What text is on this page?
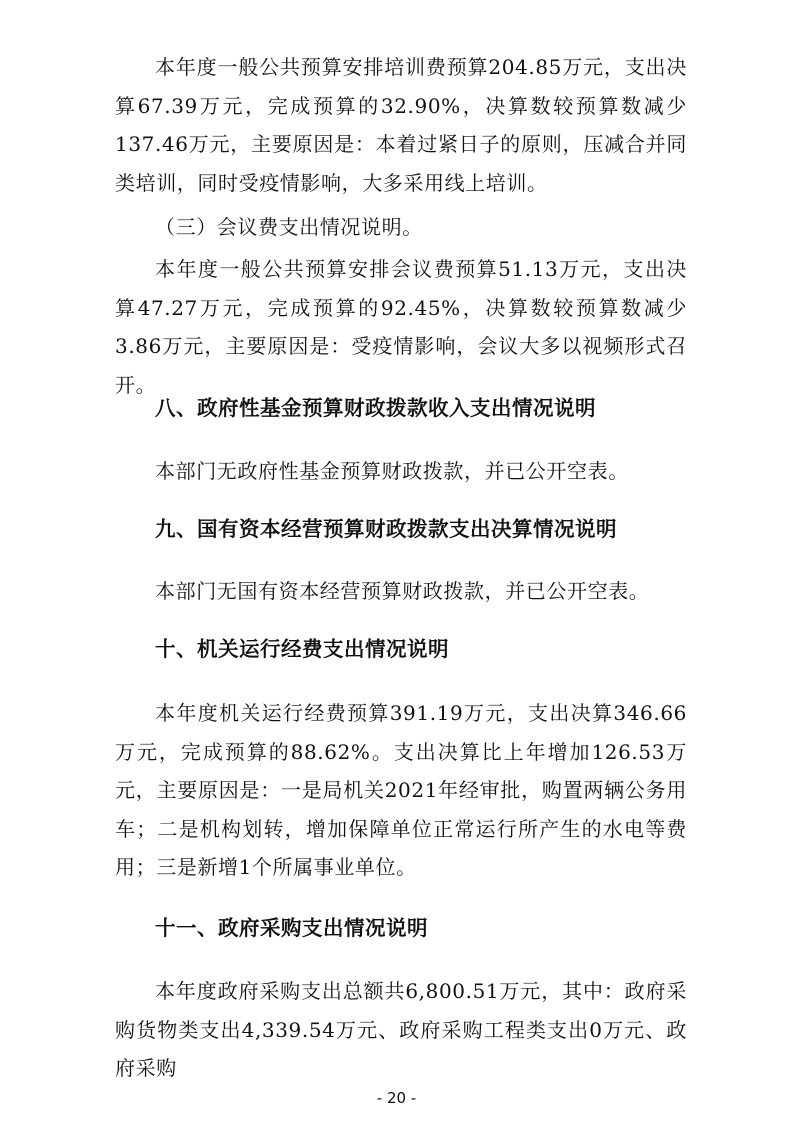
本年度一般公共预算安排培训费预算204.85万元，支出决算67.39万元，完成预算的32.90%，决算数较预算数减少137.46万元，主要原因是：本着过紧日子的原则，压减合并同类培训，同时受疫情影响，大多采用线上培训。

（三）会议费支出情况说明。

本年度一般公共预算安排会议费预算51.13万元，支出决算47.27万元，完成预算的92.45%，决算数较预算数减少3.86万元，主要原因是：受疫情影响，会议大多以视频形式召开。

八、政府性基金预算财政拨款收入支出情况说明

本部门无政府性基金预算财政拨款，并已公开空表。

九、国有资本经营预算财政拨款支出决算情况说明

本部门无国有资本经营预算财政拨款，并已公开空表。

十、机关运行经费支出情况说明

本年度机关运行经费预算391.19万元，支出决算346.66万元，完成预算的88.62%。支出决算比上年增加126.53万元，主要原因是：一是局机关2021年经审批，购置两辆公务用车；二是机构划转，增加保障单位正常运行所产生的水电等费用；三是新增1个所属事业单位。

十一、政府采购支出情况说明

本年度政府采购支出总额共6,800.51万元，其中：政府采购货物类支出4,339.54万元、政府采购工程类支出0万元、政府采购

- 20 -
